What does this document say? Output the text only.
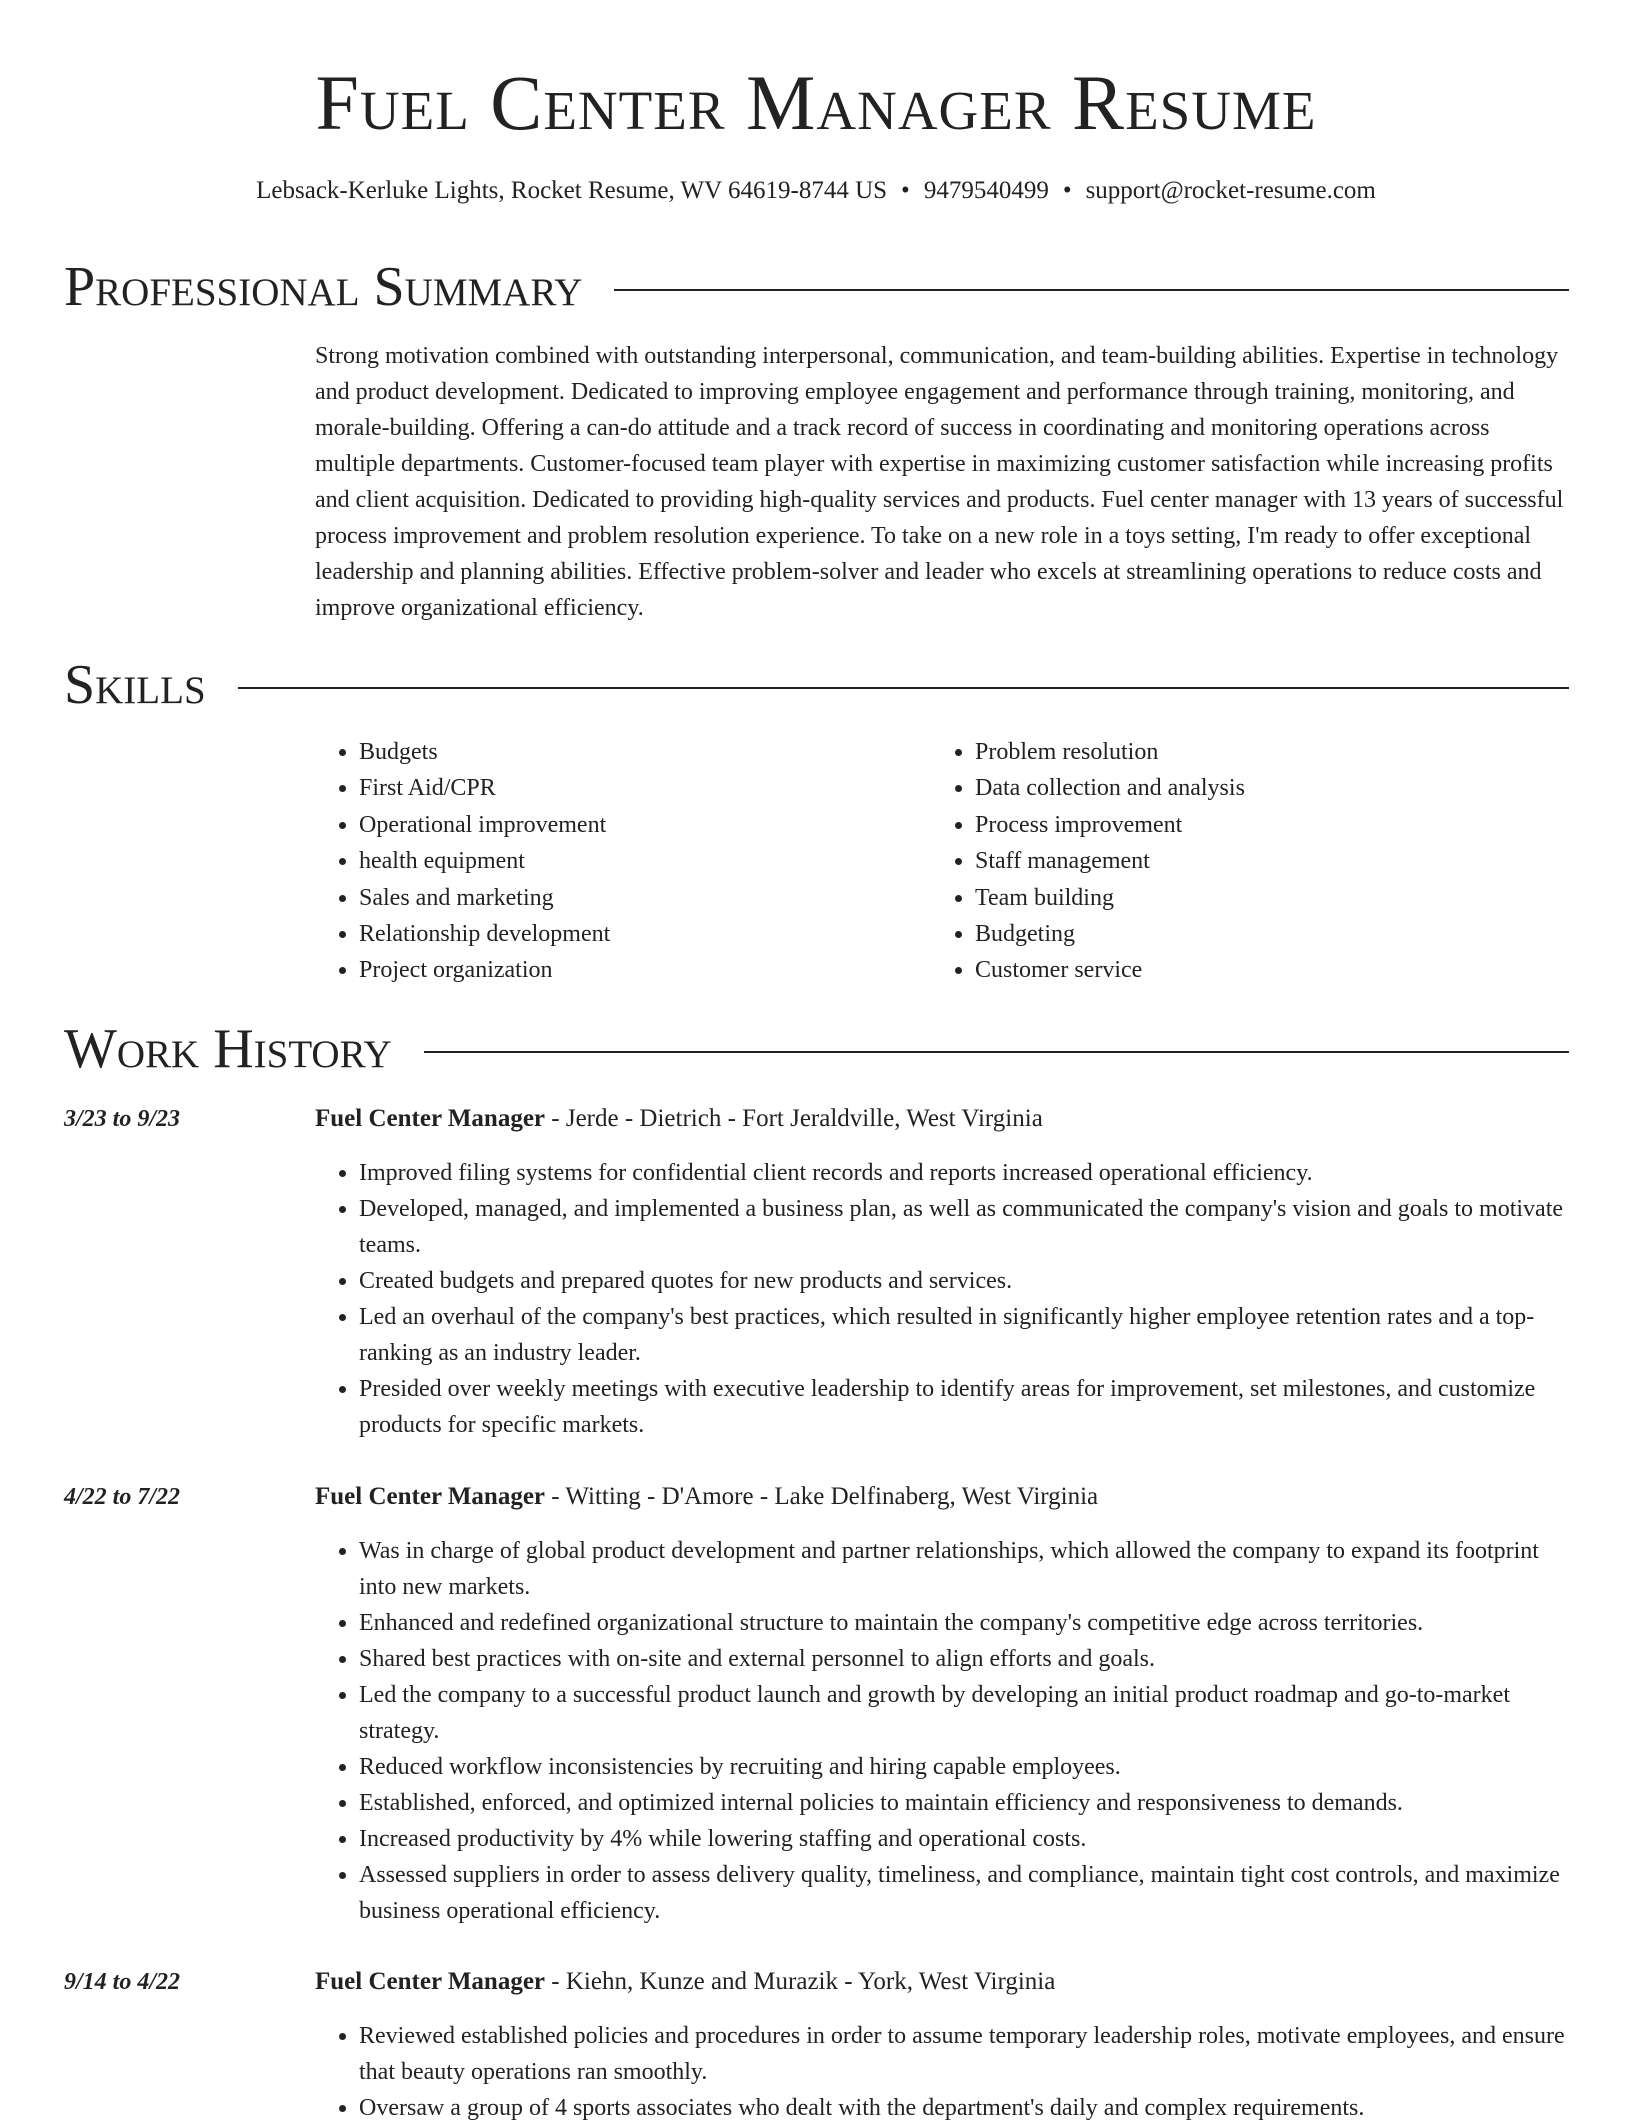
Fuel Center Manager Resume
Lebsack-Kerluke Lights, Rocket Resume, WV 64619-8744 US • 9479540499 • support@rocket-resume.com
Professional Summary

Strong motivation combined with outstanding interpersonal, communication, and team-building abilities. Expertise in technology and product development. Dedicated to improving employee engagement and performance through training, monitoring, and morale-building. Offering a can-do attitude and a track record of success in coordinating and monitoring operations across multiple departments. Customer-focused team player with expertise in maximizing customer satisfaction while increasing profits and client acquisition. Dedicated to providing high-quality services and products. Fuel center manager with 13 years of successful process improvement and problem resolution experience. To take on a new role in a toys setting, I'm ready to offer exceptional leadership and planning abilities. Effective problem-solver and leader who excels at streamlining operations to reduce costs and improve organizational efficiency.

Skills
• Budgets
• First Aid/CPR
• Operational improvement
• health equipment
• Sales and marketing
• Relationship development
• Project organization
• Problem resolution
• Data collection and analysis
• Process improvement
• Staff management
• Team building
• Budgeting
• Customer service
Work History
3/23 to 9/23	Fuel Center Manager - Jerde - Dietrich - Fort Jeraldville, West Virginia
• Improved filing systems for confidential client records and reports increased operational efficiency.
• Developed, managed, and implemented a business plan, as well as communicated the company's vision and goals to motivate teams.
• Created budgets and prepared quotes for new products and services.
• Led an overhaul of the company's best practices, which resulted in significantly higher employee retention rates and a top-ranking as an industry leader.
• Presided over weekly meetings with executive leadership to identify areas for improvement, set milestones, and customize products for specific markets.
4/22 to 7/22	Fuel Center Manager - Witting - D'Amore - Lake Delfinaberg, West Virginia
• Was in charge of global product development and partner relationships, which allowed the company to expand its footprint into new markets.
• Enhanced and redefined organizational structure to maintain the company's competitive edge across territories.
• Shared best practices with on-site and external personnel to align efforts and goals.
• Led the company to a successful product launch and growth by developing an initial product roadmap and go-to-market strategy.
• Reduced workflow inconsistencies by recruiting and hiring capable employees.
• Established, enforced, and optimized internal policies to maintain efficiency and responsiveness to demands.
• Increased productivity by 4% while lowering staffing and operational costs.
• Assessed suppliers in order to assess delivery quality, timeliness, and compliance, maintain tight cost controls, and maximize business operational efficiency.
9/14 to 4/22	Fuel Center Manager - Kiehn, Kunze and Murazik - York, West Virginia
• Reviewed established policies and procedures in order to assume temporary leadership roles, motivate employees, and ensure that beauty operations ran smoothly.
• Oversaw a group of 4 sports associates who dealt with the department's daily and complex requirements.
